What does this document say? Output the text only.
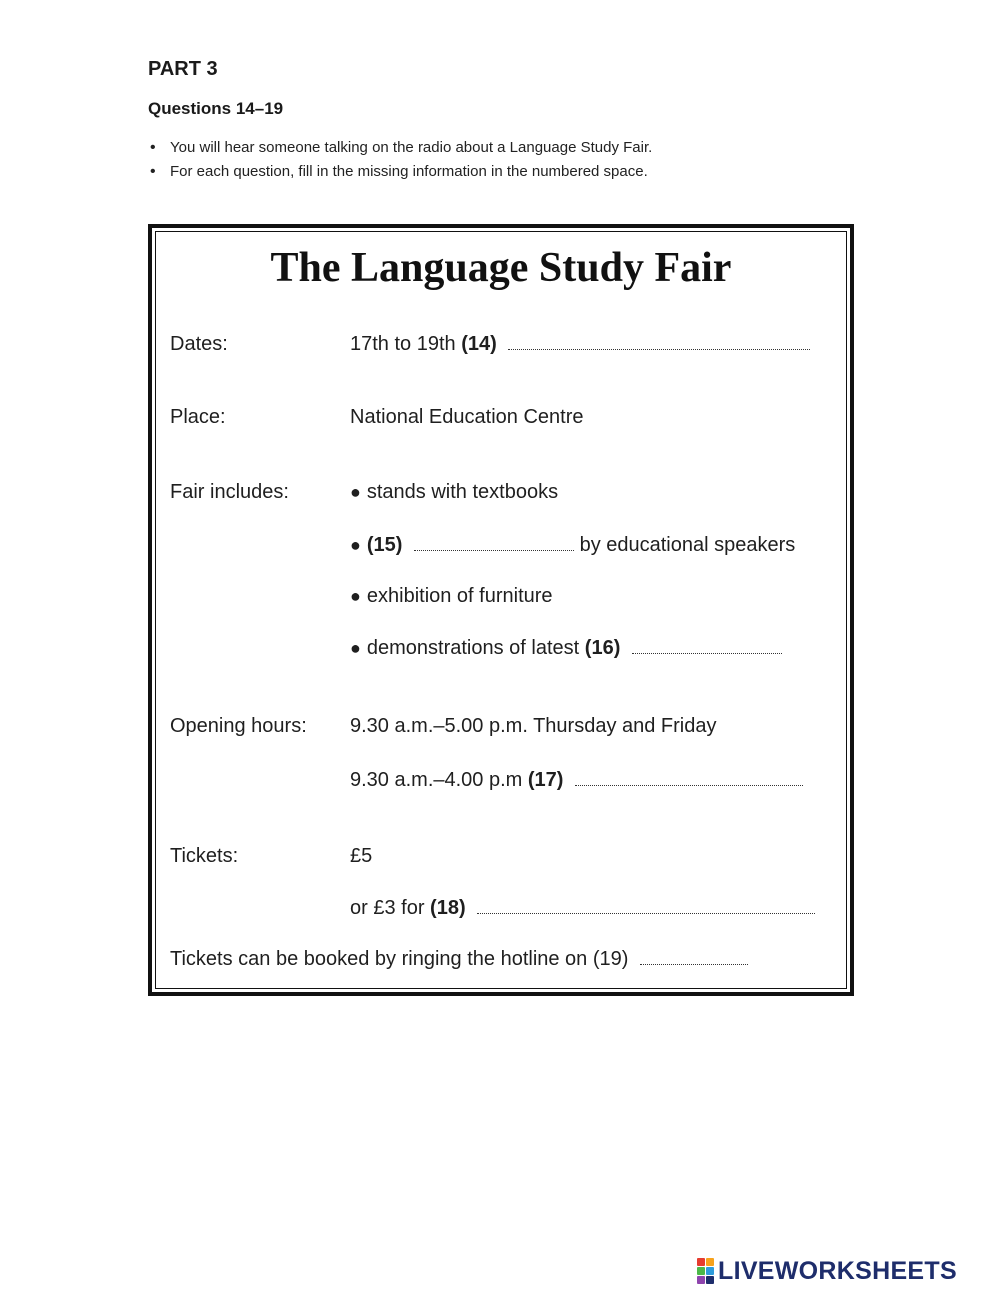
PART 3
Questions 14–19
• You will hear someone talking on the radio about a Language Study Fair.
• For each question, fill in the missing information in the numbered space.
The Language Study Fair
Dates:	17th to 19th (14)
Place:	National Education Centre
Fair includes:	● stands with textbooks
● (15)	by educational speakers
● exhibition of furniture
● demonstrations of latest (16)
Opening hours: 9.30 a.m.–5.00 p.m. Thursday and Friday
9.30 a.m.–4.00 p.m (17)
Tickets:	£5
or £3 for (18)
Tickets can be booked by ringing the hotline on (19)
LIVEWORKSHEETS
